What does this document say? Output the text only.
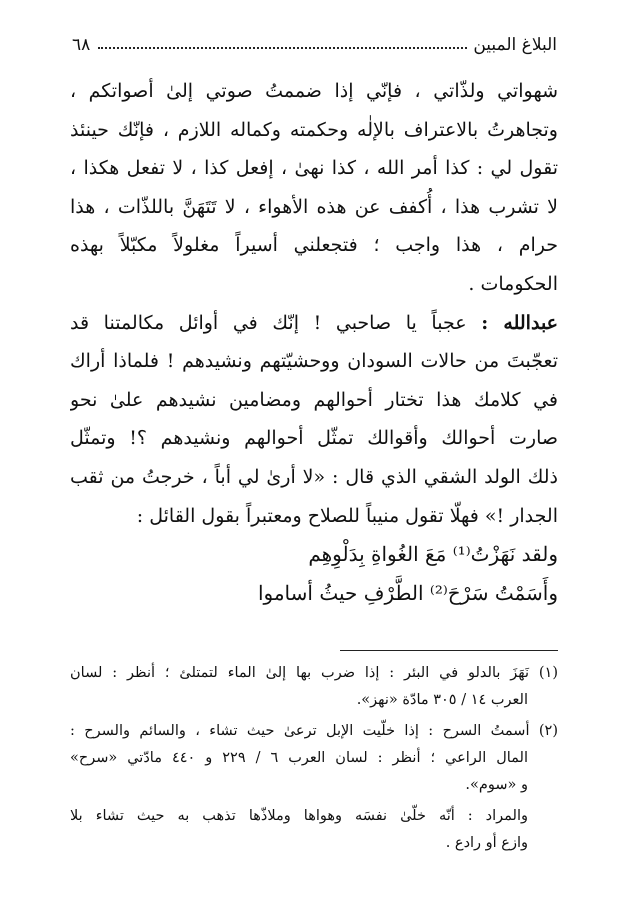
البلاغ المبين
٦٨
شهواتي ولذّاتي ، فإنّي إذا ضممتُ صوتي إلىٰ أصواتكم ،
وتجاهرتُ بالاعتراف بالإلٰه وحكمته وكماله اللازم ، فإنّك حينئذ
تقول لي : كذا أمر الله ، كذا نهىٰ ، إفعل كذا ، لا تفعل هكذا ،
لا تشرب هذا ، أُكفف عن هذه الأهواء ، لا تَتَهَنَّ باللذّات ، هذا
حرام ، هذا واجب ؛ فتجعلني أسيراً مغلولاً مكبّلاً بهذه
الحكومات .
عبدالله : عجباً يا صاحبي ! إنّك في أوائل مكالمتنا قد
تعجّبتَ من حالات السودان ووحشيّتهم ونشيدهم ! فلماذا أراك
في كلامك هذا تختار أحوالهم ومضامين نشيدهم علىٰ نحو
صارت أحوالك وأقوالك تمثّل أحوالهم ونشيدهم ؟! وتمثّل
ذلك الولد الشقي الذي قال : «لا أرىٰ لي أباً ، خرجتُ من ثقب
الجدار !» فهلّا تقول منيباً للصلاح ومعتبراً بقول القائل :
ولقد نَهَزْتُ⁽¹⁾ مَعَ الغُواةِ بِدَلْوِهِم
وأَسَمْتُ سَرْحَ⁽²⁾ الطَّرْفِ حيثُ أساموا
(١) نَهَزَ بالدلو في البئر : إذا ضرب بها إلىٰ الماء لتمتلئ ؛ أنظر : لسان
العرب ١٤ / ٣٠٥ مادّة «نهز».
(٢) أسمتُ السرح : إذا خلّيت الإبل ترعىٰ حيث تشاء ، والسائم والسرح :
المال الراعي ؛ أنظر : لسان العرب ٦ / ٢٢٩ و ٤٤٠ مادّتي «سرح»
و «سوم».
والمراد : أنّه خلّىٰ نفسَه وهواها وملاذّها تذهب به حيث تشاء بلا
وازع أو رادع .
